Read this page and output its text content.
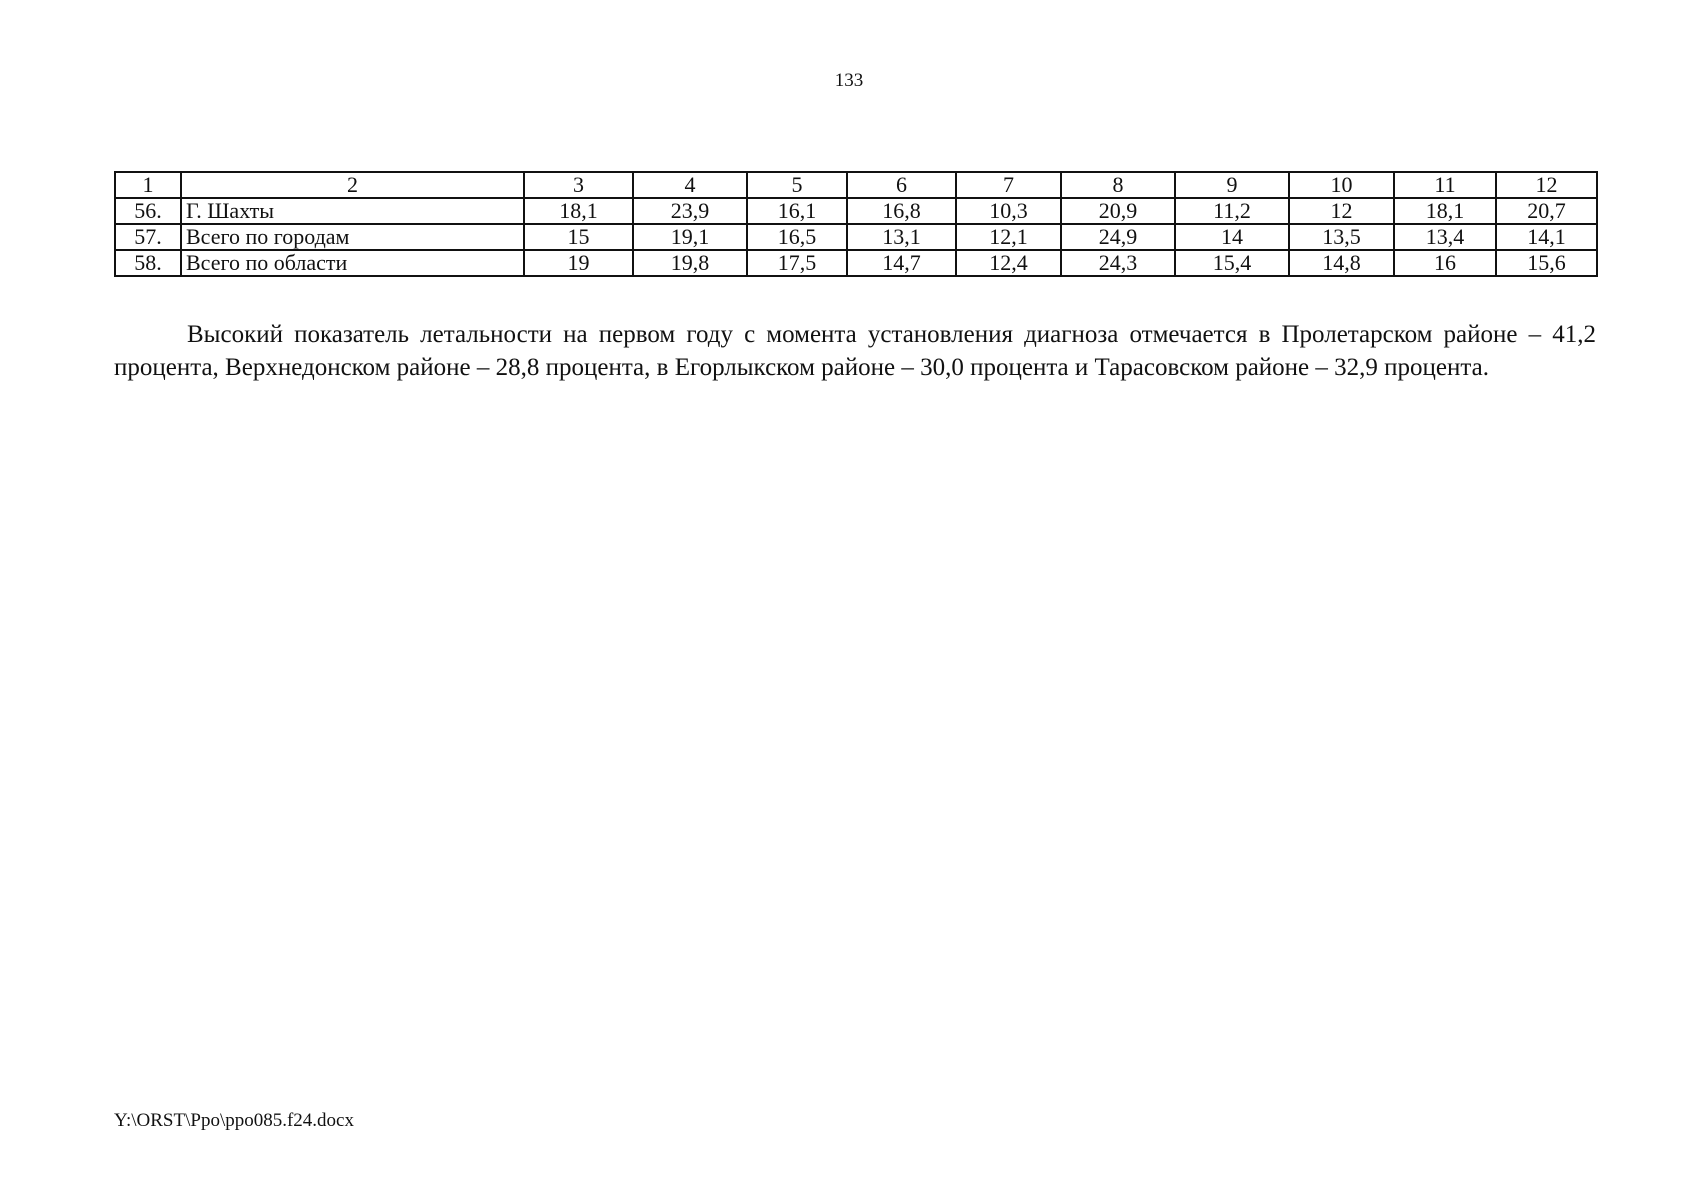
133
1	2	3	4	5	6	7	8	9	10	11	12
56.	Г. Шахты	18,1	23,9	16,1	16,8	10,3	20,9	11,2	12	18,1	20,7
57.	Всего по городам	15	19,1	16,5	13,1	12,1	24,9	14	13,5	13,4	14,1
58.	Всего по области	19	19,8	17,5	14,7	12,4	24,3	15,4	14,8	16	15,6

Высокий показатель летальности на первом году с момента установления диагноза отмечается в Пролетарском районе – 41,2 процента, Верхнедонском районе – 28,8 процента, в Егорлыкском районе – 30,0 процента и Тарасовском районе – 32,9 процента.

Y:\ORST\Ppo\ppo085.f24.docx
